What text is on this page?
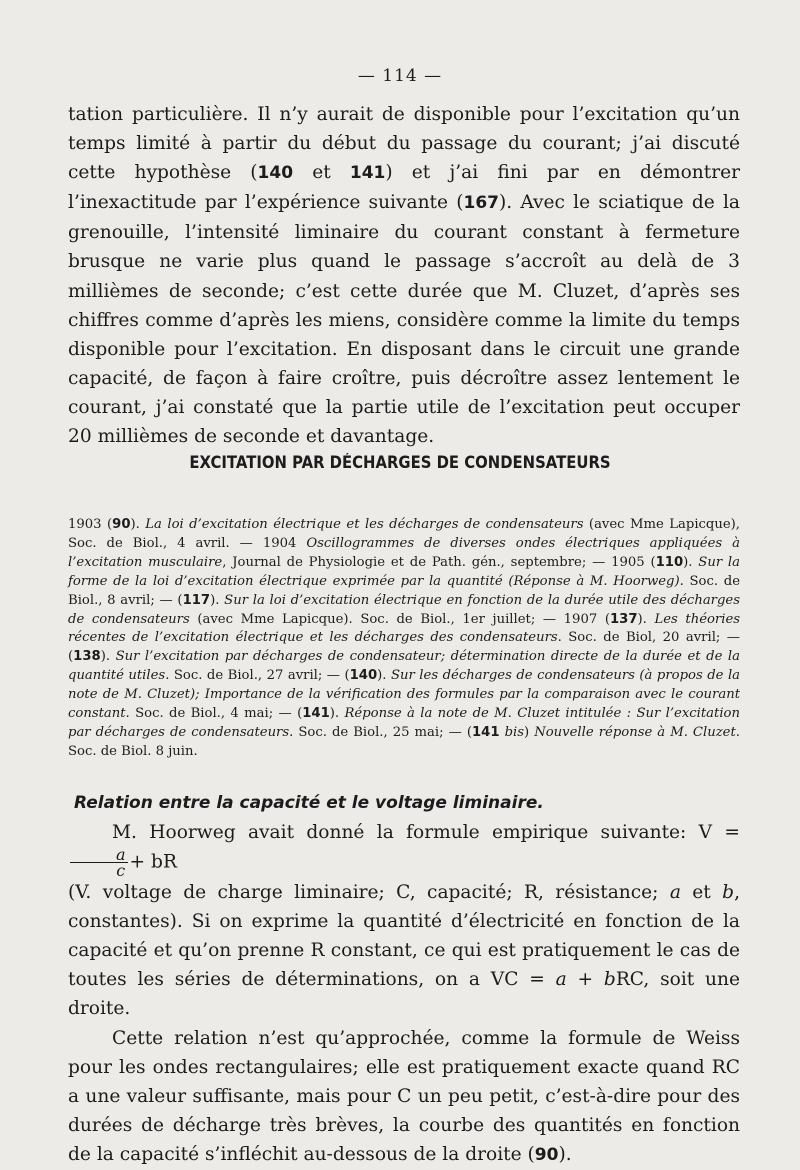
— 114 —

tation particulière. Il n’y aurait de disponible pour l’excitation qu’un temps limité à partir du début du passage du courant; j’ai discuté cette hypothèse (140 et 141) et j’ai fini par en démontrer l’inexactitude par l’expérience suivante (167). Avec le sciatique de la grenouille, l’intensité liminaire du courant constant à fermeture brusque ne varie plus quand le passage s’accroît au delà de 3 millièmes de seconde; c’est cette durée que M. Cluzet, d’après ses chiffres comme d’après les miens, considère comme la limite du temps disponible pour l’excitation. En disposant dans le circuit une grande capacité, de façon à faire croître, puis décroître assez lentement le courant, j’ai constaté que la partie utile de l’excitation peut occuper 20 millièmes de seconde et davantage.

EXCITATION PAR DÉCHARGES DE CONDENSATEURS
1903 (90). La loi d’excitation électrique et les décharges de condensateurs (avec Mme Lapicque), Soc. de Biol., 4 avril. — 1904 Oscillogrammes de diverses ondes électriques appliquées à l’excitation musculaire, Journal de Physiologie et de Path. gén., septembre; — 1905 (110). Sur la forme de la loi d’excitation électrique exprimée par la quantité (Réponse à M. Hoorweg). Soc. de Biol., 8 avril; — (117). Sur la loi d’excitation électrique en fonction de la durée utile des décharges de condensateurs (avec Mme Lapicque). Soc. de Biol., 1er juillet; — 1907 (137). Les théories récentes de l’excitation électrique et les décharges des condensateurs. Soc. de Biol, 20 avril; — (138). Sur l’excitation par décharges de condensateur; détermination directe de la durée et de la quantité utiles. Soc. de Biol., 27 avril; — (140). Sur les décharges de condensateurs (à propos de la note de M. Cluzet); Importance de la vérification des formules par la comparaison avec le courant constant. Soc. de Biol., 4 mai; — (141). Réponse à la note de M. Cluzet intitulée : Sur l’excitation par décharges de condensateurs. Soc. de Biol., 25 mai; — (141 bis) Nouvelle réponse à M. Cluzet. Soc. de Biol. 8 juin.
Relation entre la capacité et le voltage liminaire.

M. Hoorweg avait donné la formule empirique suivante: V =
$\frac{a}{c}$ + bR

(V. voltage de charge liminaire; C, capacité; R, résistance; a et b, constantes). Si on exprime la quantité d’électricité en fonction de la capacité et qu’on prenne R constant, ce qui est pratiquement le cas de toutes les séries de déterminations, on a VC = a + bRC, soit une droite.

Cette relation n’est qu’approchée, comme la formule de Weiss pour les ondes rectangulaires; elle est pratiquement exacte quand RC a une valeur suffisante, mais pour C un peu petit, c’est-à-dire pour des durées de décharge très brèves, la courbe des quantités en fonction de la capacité s’infléchit au-dessous de la droite (90).
